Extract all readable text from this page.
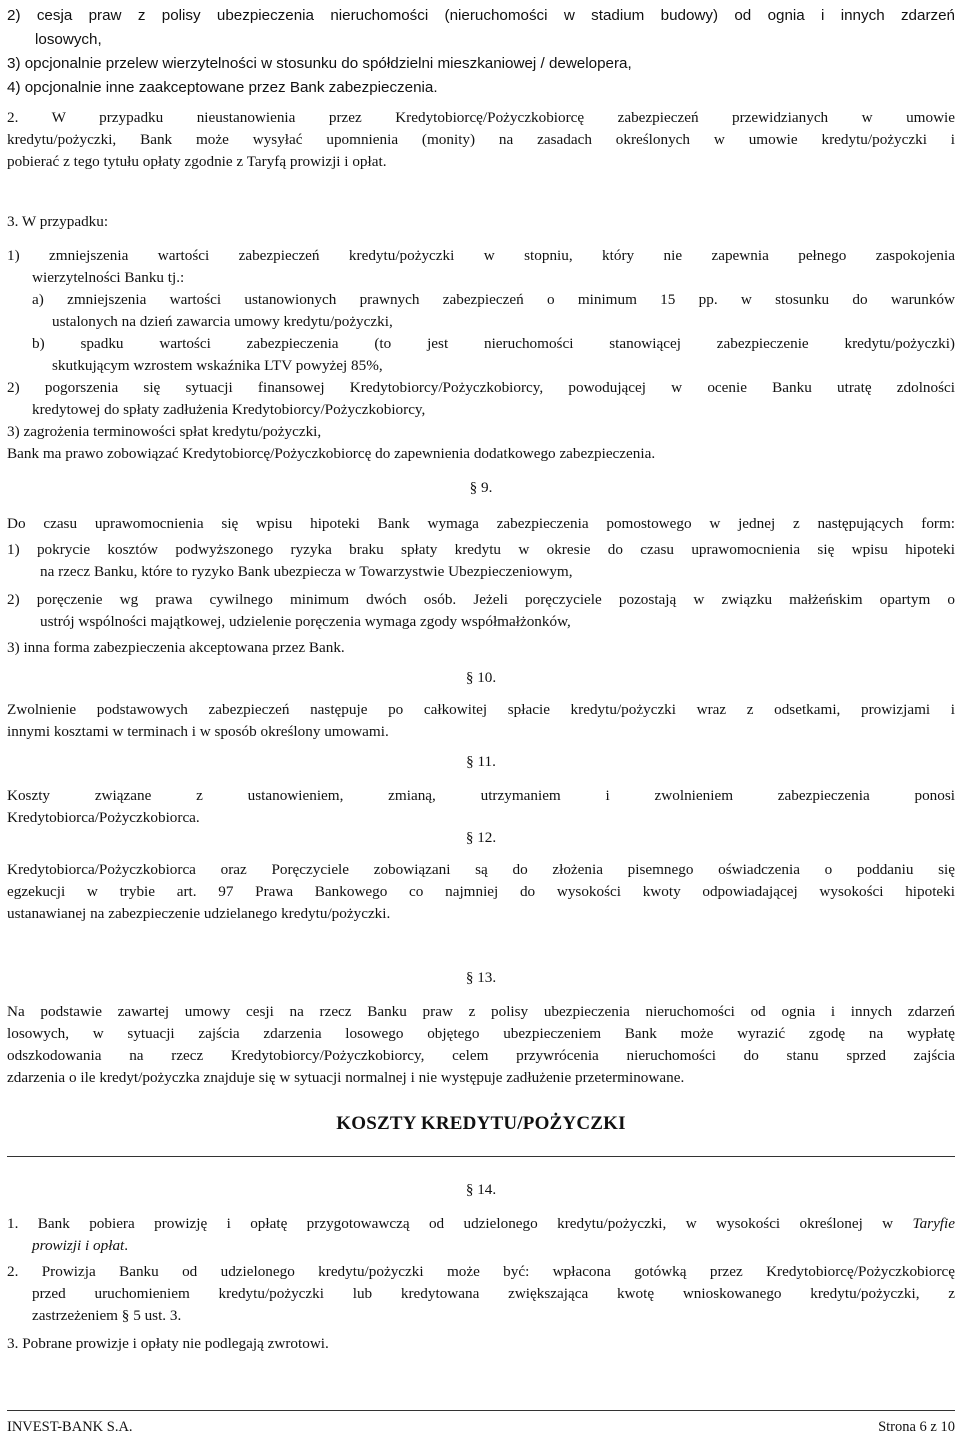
2) cesja praw z polisy ubezpieczenia nieruchomości (nieruchomości w stadium budowy) od ognia i innych zdarzeń
losowych,
3) opcjonalnie przelew wierzytelności w stosunku do spółdzielni mieszkaniowej / dewelopera,
4) opcjonalnie inne zaakceptowane przez Bank zabezpieczenia.
2. W przypadku nieustanowienia przez Kredytobiorcę/Pożyczkobiorcę zabezpieczeń przewidzianych w umowie
kredytu/pożyczki, Bank może wysyłać upomnienia (monity) na zasadach określonych w umowie kredytu/pożyczki i
pobierać z tego tytułu opłaty zgodnie z Taryfą prowizji i opłat.
3. W przypadku:
1) zmniejszenia wartości zabezpieczeń kredytu/pożyczki w stopniu, który nie zapewnia pełnego zaspokojenia
wierzytelności Banku tj.:
a) zmniejszenia wartości ustanowionych prawnych zabezpieczeń o minimum 15 pp. w stosunku do warunków
ustalonych na dzień zawarcia umowy kredytu/pożyczki,
b) spadku wartości zabezpieczenia (to jest nieruchomości stanowiącej zabezpieczenie kredytu/pożyczki)
skutkującym wzrostem wskaźnika LTV powyżej 85%,
2) pogorszenia się sytuacji finansowej Kredytobiorcy/Pożyczkobiorcy, powodującej w ocenie Banku utratę zdolności
kredytowej do spłaty zadłużenia Kredytobiorcy/Pożyczkobiorcy,
3) zagrożenia terminowości spłat kredytu/pożyczki,
Bank ma prawo zobowiązać Kredytobiorcę/Pożyczkobiorcę do zapewnienia dodatkowego zabezpieczenia.
§ 9.
Do czasu uprawomocnienia się wpisu hipoteki Bank wymaga zabezpieczenia pomostowego w jednej z następujących form:
1) pokrycie kosztów podwyższonego ryzyka braku spłaty kredytu w okresie do czasu uprawomocnienia się wpisu hipoteki
na rzecz Banku, które to ryzyko Bank ubezpiecza w Towarzystwie Ubezpieczeniowym,
2) poręczenie wg prawa cywilnego minimum dwóch osób. Jeżeli poręczyciele pozostają w związku małżeńskim opartym o
ustrój wspólności majątkowej, udzielenie poręczenia wymaga zgody współmałżonków,
3) inna forma zabezpieczenia akceptowana przez Bank.
§ 10.
Zwolnienie podstawowych zabezpieczeń następuje po całkowitej spłacie kredytu/pożyczki wraz z odsetkami, prowizjami i
innymi kosztami w terminach i w sposób określony umowami.
§ 11.
Koszty związane z ustanowieniem, zmianą, utrzymaniem i zwolnieniem zabezpieczenia ponosi
Kredytobiorca/Pożyczkobiorca.
§ 12.
Kredytobiorca/Pożyczkobiorca oraz Poręczyciele zobowiązani są do złożenia pisemnego oświadczenia o poddaniu się
egzekucji w trybie art. 97 Prawa Bankowego co najmniej do wysokości kwoty odpowiadającej wysokości hipoteki
ustanawianej na zabezpieczenie udzielanego kredytu/pożyczki.
§ 13.
Na podstawie zawartej umowy cesji na rzecz Banku praw z polisy ubezpieczenia nieruchomości od ognia i innych zdarzeń
losowych, w sytuacji zajścia zdarzenia losowego objętego ubezpieczeniem Bank może wyrazić zgodę na wypłatę
odszkodowania na rzecz Kredytobiorcy/Pożyczkobiorcy, celem przywrócenia nieruchomości do stanu sprzed zajścia
zdarzenia o ile kredyt/pożyczka znajduje się w sytuacji normalnej i nie występuje zadłużenie przeterminowane.
KOSZTY KREDYTU/POŻYCZKI
§ 14.
1. Bank pobiera prowizję i opłatę przygotowawczą od udzielonego kredytu/pożyczki, w wysokości określonej w Taryfie
prowizji i opłat.
2. Prowizja Banku od udzielonego kredytu/pożyczki może być: wpłacona gotówką przez Kredytobiorcę/Pożyczkobiorcę
przed uruchomieniem kredytu/pożyczki lub kredytowana zwiększająca kwotę wnioskowanego kredytu/pożyczki, z
zastrzeżeniem § 5 ust. 3.
3. Pobrane prowizje i opłaty nie podlegają zwrotowi.
INVEST-BANK S.A.	Strona 6 z 10
